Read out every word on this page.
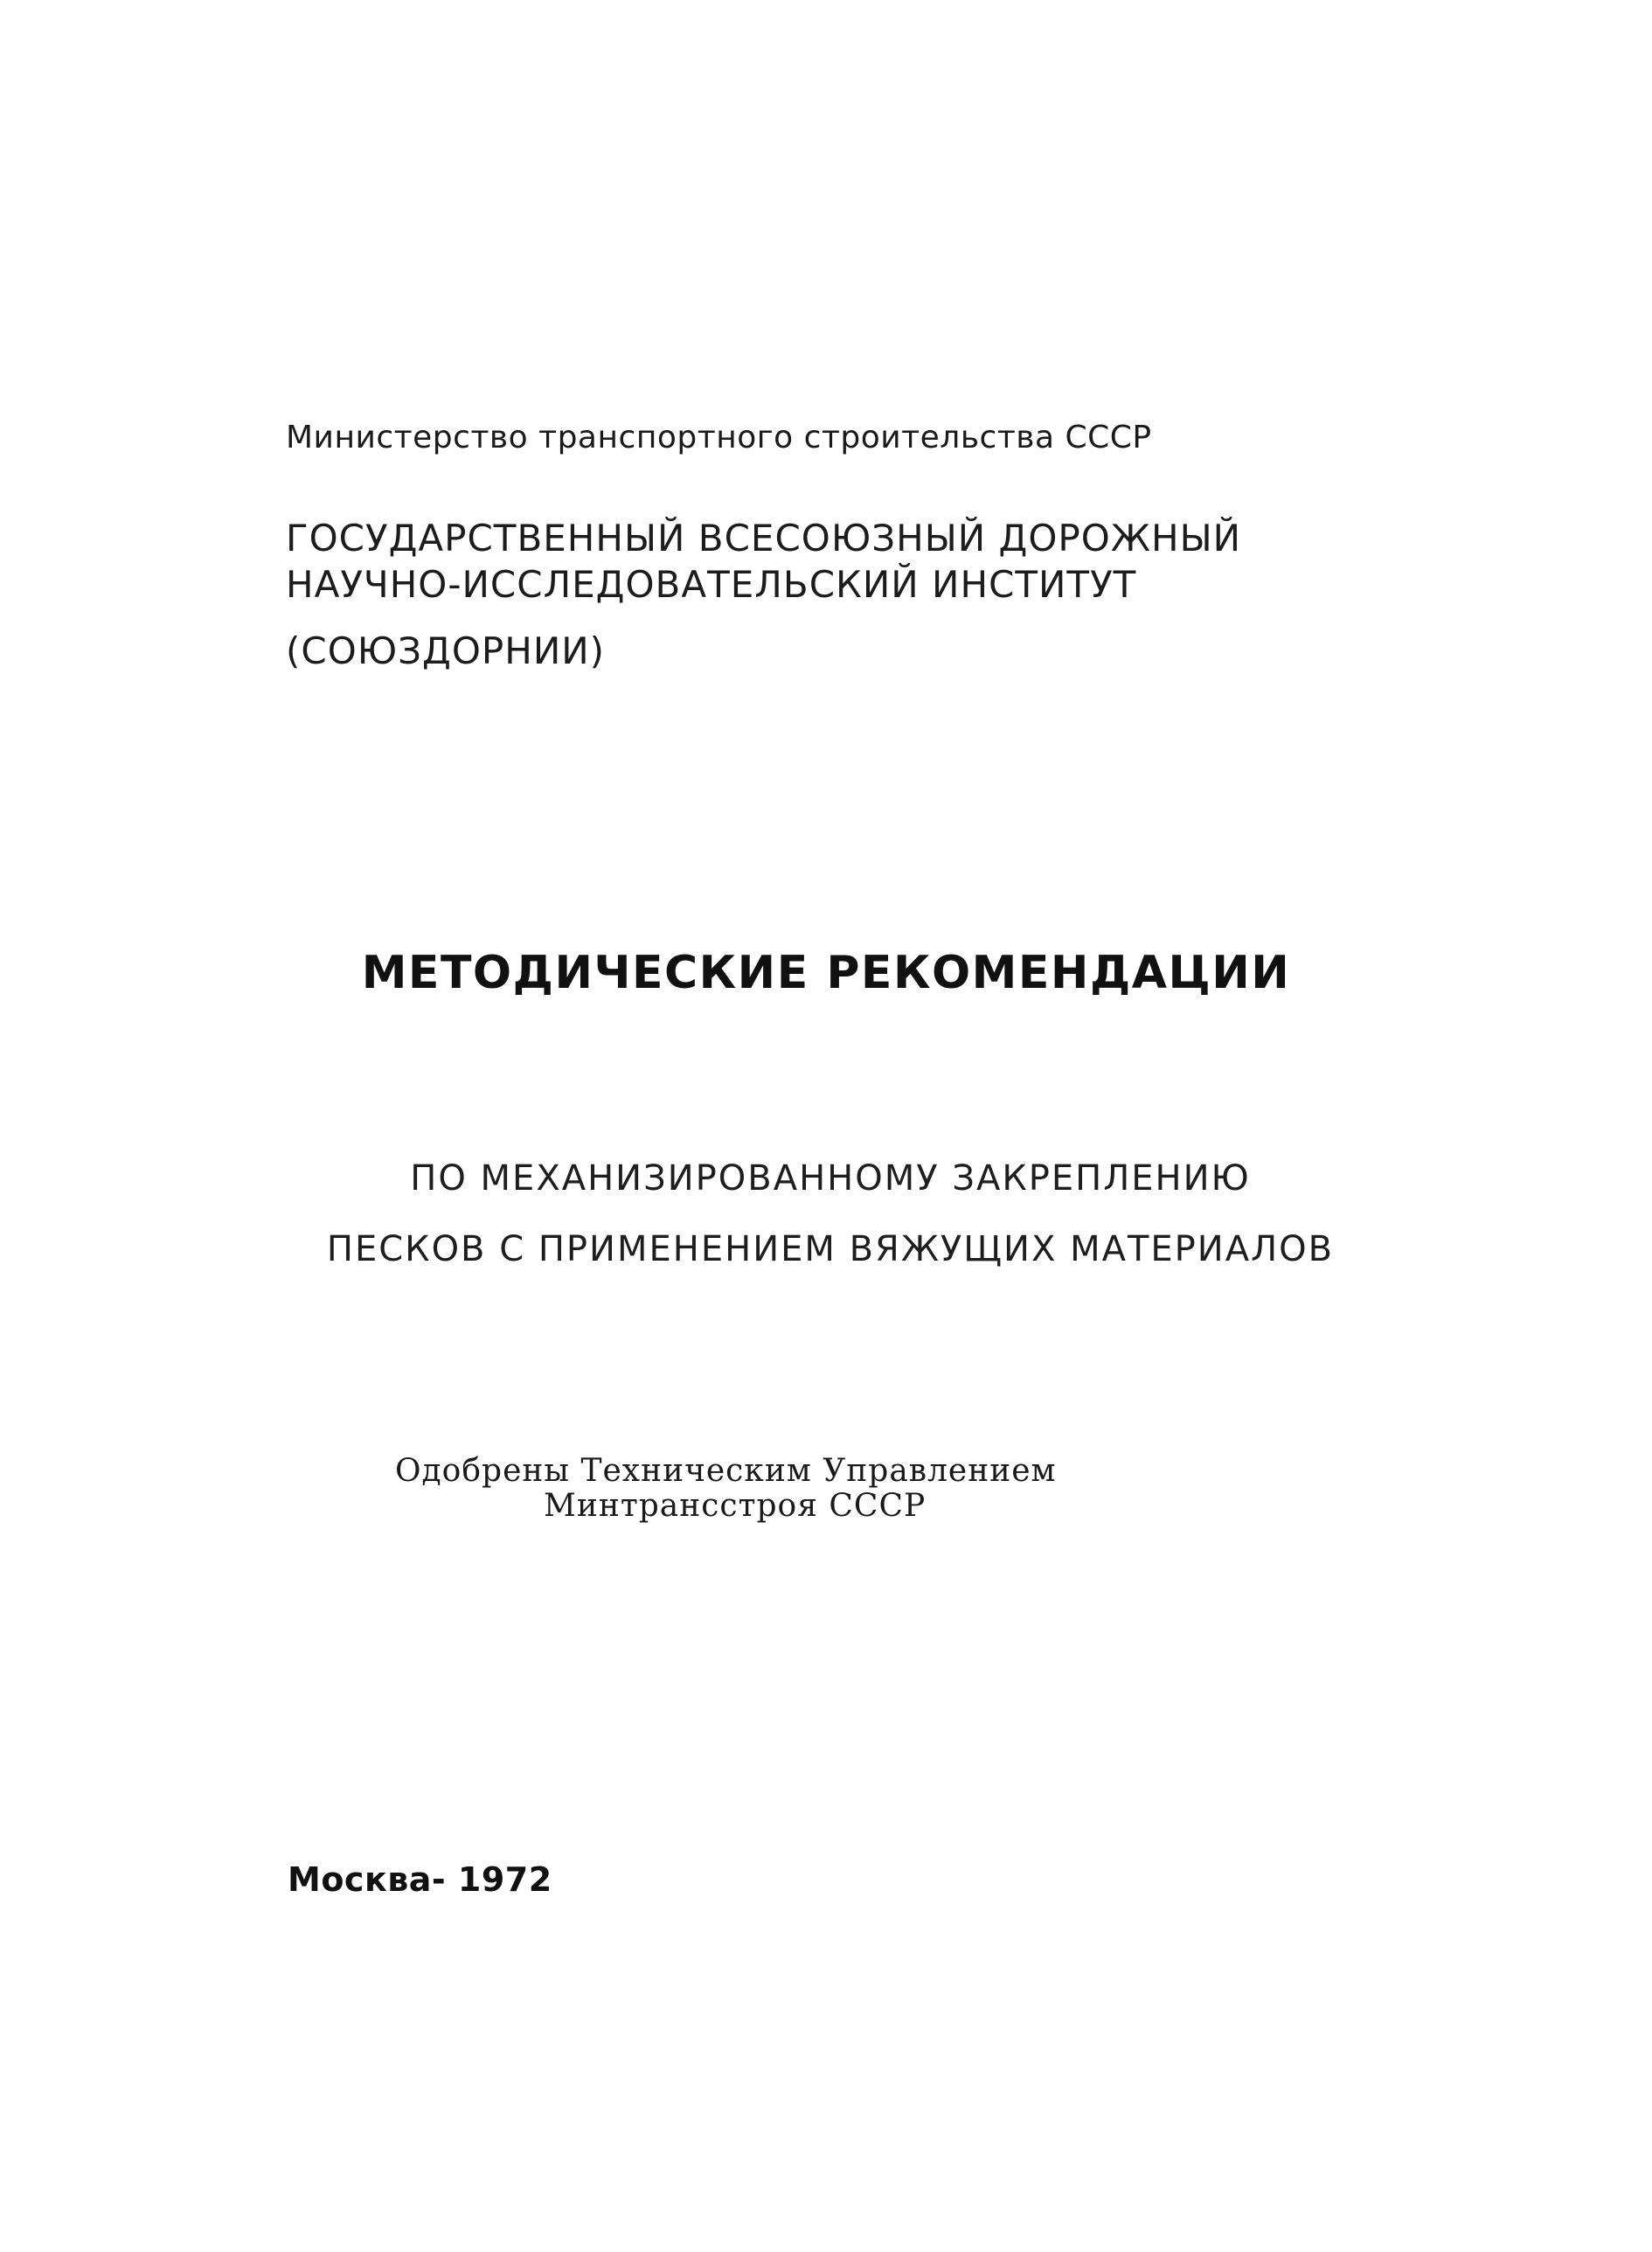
Министерство транспортного строительства СССР

ГОСУДАРСТВЕННЫЙ ВСЕСОЮЗНЫЙ ДОРОЖНЫЙ

НАУЧНО-ИССЛЕДОВАТЕЛЬСКИЙ ИНСТИТУТ

(СОЮЗДОРНИИ)

МЕТОДИЧЕСКИЕ РЕКОМЕНДАЦИИ

ПО МЕХАНИЗИРОВАННОМУ ЗАКРЕПЛЕНИЮ

ПЕСКОВ С ПРИМЕНЕНИЕМ ВЯЖУЩИХ МАТЕРИАЛОВ

Одобрены Техническим Управлением

Минтрансстроя СССР

Москва- 1972
